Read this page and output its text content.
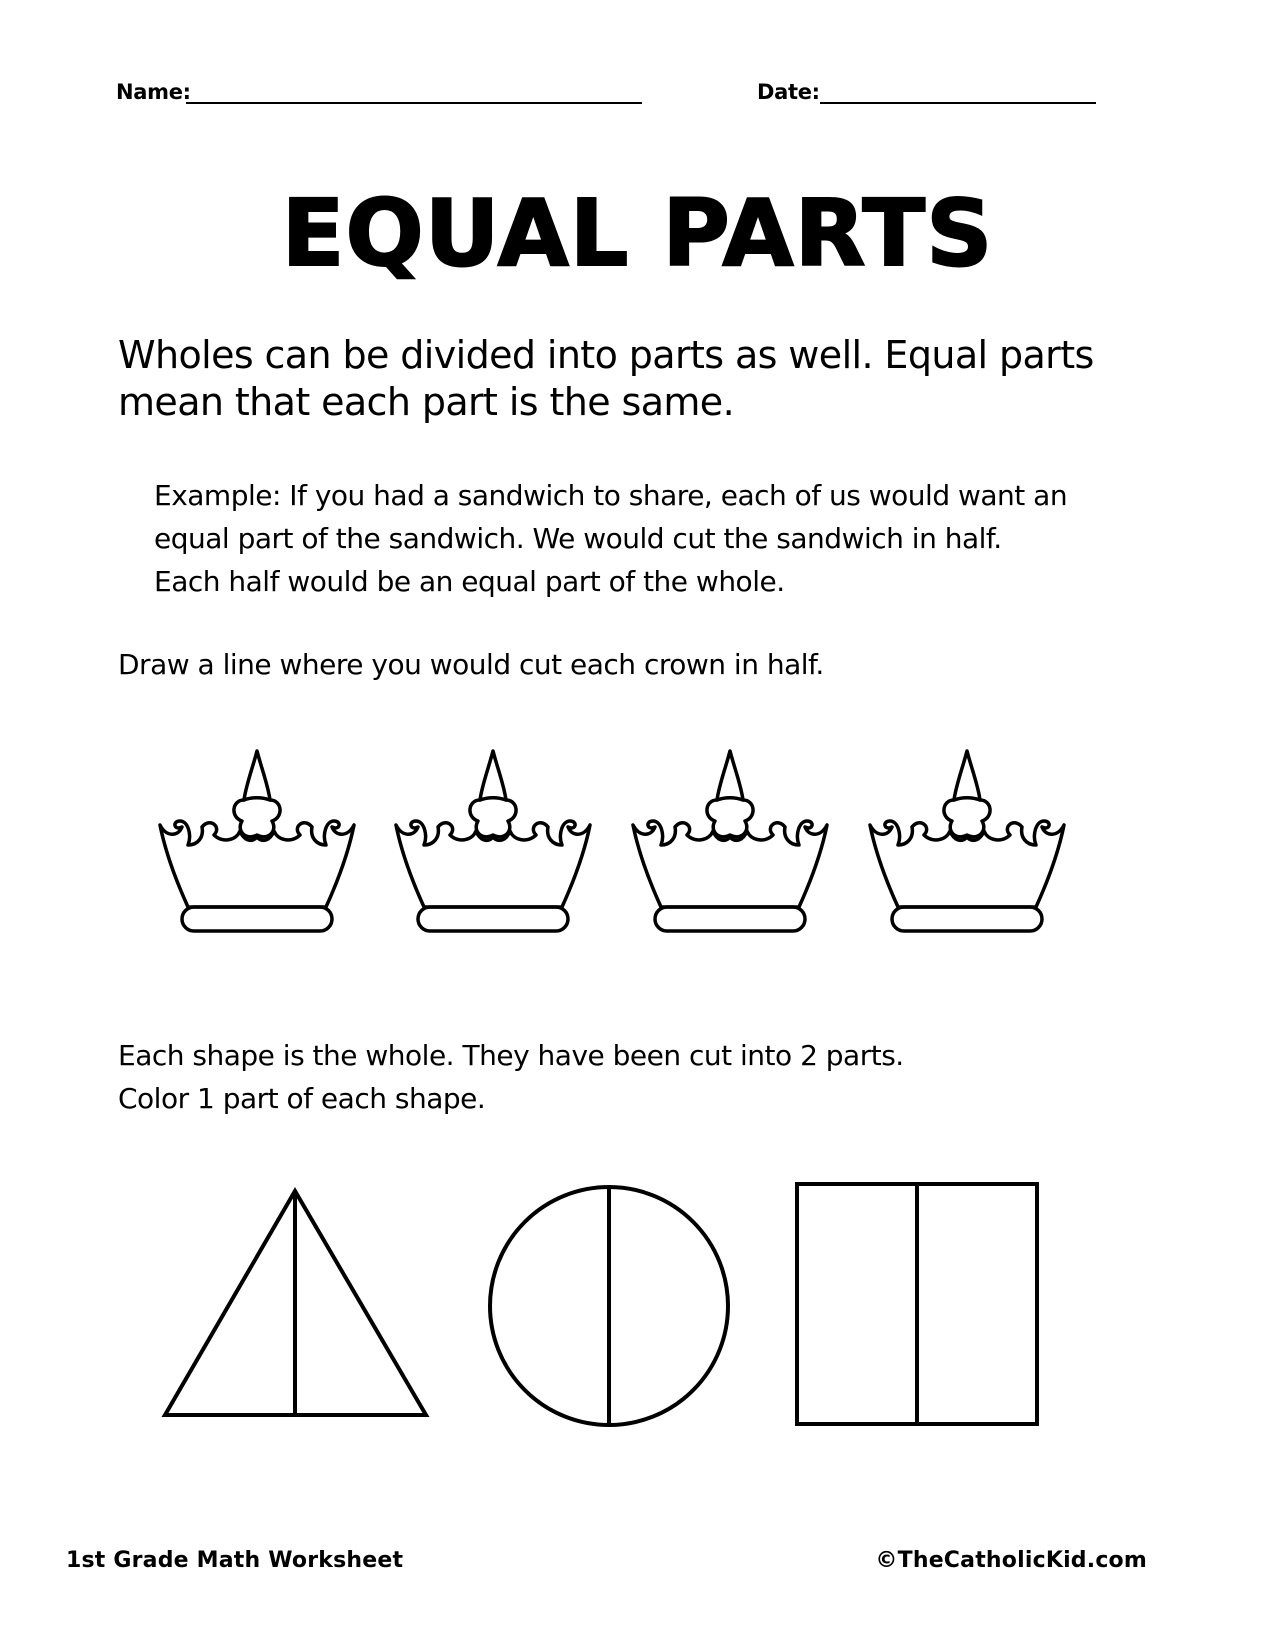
Name:	Date:
EQUAL PARTS
Wholes can be divided into parts as well. Equal parts mean that each part is the same.

Example: If you had a sandwich to share, each of us would want an

equal part of the sandwich. We would cut the sandwich in half.

Each half would be an equal part of the whole.

Draw a line where you would cut each crown in half.

Each shape is the whole. They have been cut into 2 parts.

Color 1 part of each shape.

1st Grade Math Worksheet	©TheCatholicKid.com
